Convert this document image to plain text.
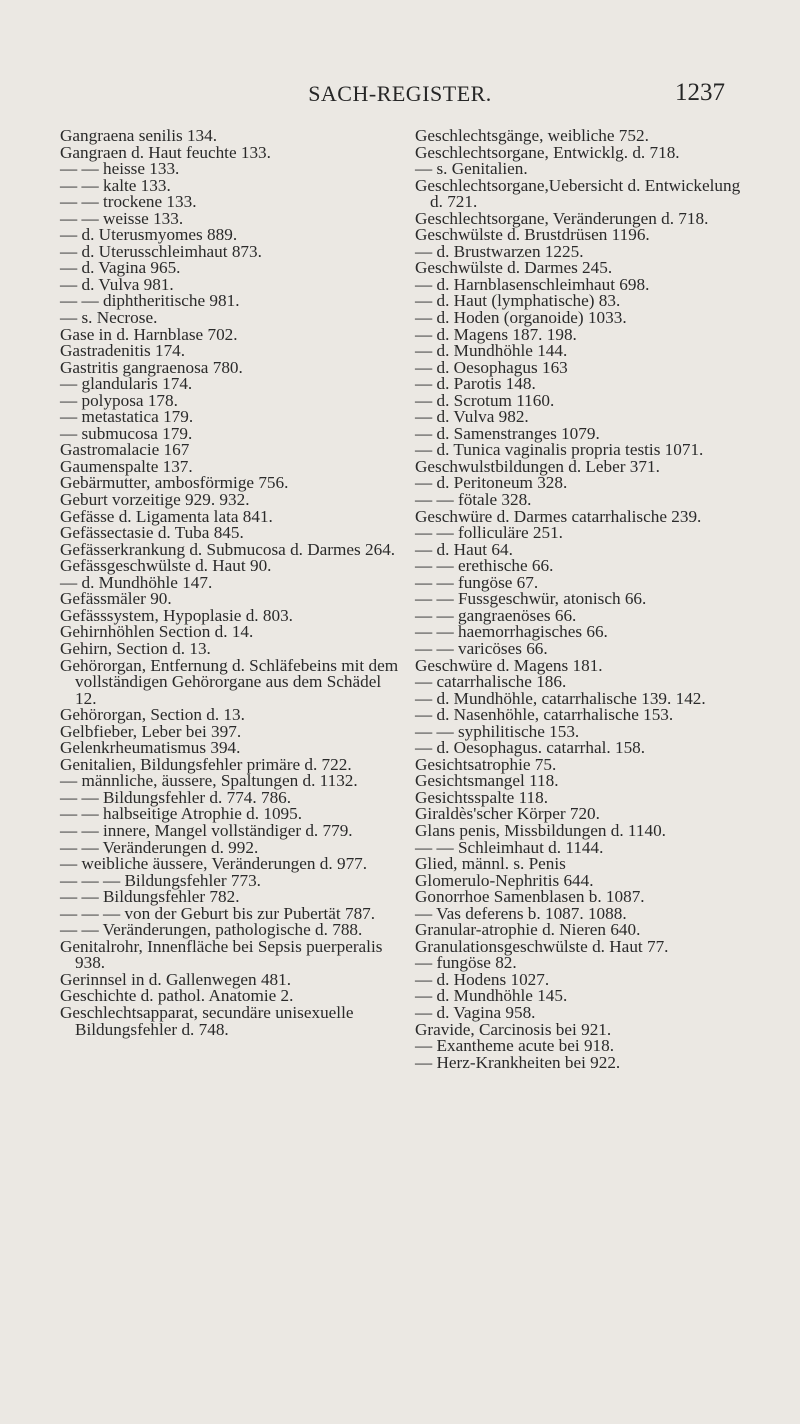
SACH-REGISTER.	1237
Gangraena senilis 134.
Gangraen d. Haut feuchte 133.
— — heisse 133.
— — kalte 133.
— — trockene 133.
— — weisse 133.
— d. Uterusmyomes 889.
— d. Uterusschleimhaut 873.
— d. Vagina 965.
— d. Vulva 981.
— — diphtheritische 981.
— s. Necrose.
Gase in d. Harnblase 702.
Gastradenitis 174.
Gastritis gangraenosa 780.
— glandularis 174.
— polyposa 178.
— metastatica 179.
— submucosa 179.
Gastromalacie 167
Gaumenspalte 137.
Gebärmutter, ambosförmige 756.
Geburt vorzeitige 929. 932.
Gefässe d. Ligamenta lata 841.
Gefässectasie d. Tuba 845.
Gefässerkrankung d. Submucosa d. Darmes 264.
Gefässgeschwülste d. Haut 90.
— d. Mundhöhle 147.
Gefässmäler 90.
Gefässsystem, Hypoplasie d. 803.
Gehirnhöhlen Section d. 14.
Gehirn, Section d. 13.
Gehörorgan, Entfernung d. Schläfebeins mit dem vollständigen Gehörorgane aus dem Schädel 12.
Gehörorgan, Section d. 13.
Gelbfieber, Leber bei 397.
Gelenkrheumatismus 394.
Genitalien, Bildungsfehler primäre d. 722.
— männliche, äussere, Spaltungen d. 1132.
— — Bildungsfehler d. 774. 786.
— — halbseitige Atrophie d. 1095.
— — innere, Mangel vollständiger d. 779.
— — Veränderungen d. 992.
— weibliche äussere, Veränderungen d. 977.
— — — Bildungsfehler 773.
— — Bildungsfehler 782.
— — — von der Geburt bis zur Pubertät 787.
— — Veränderungen, pathologische d. 788.
Genitalrohr, Innenfläche bei Sepsis puerperalis 938.
Gerinnsel in d. Gallenwegen 481.
Geschichte d. pathol. Anatomie 2.
Geschlechtsapparat, secundäre unisexuelle Bildungsfehler d. 748.
Geschlechtsgänge, weibliche 752.
Geschlechtsorgane, Entwicklg. d. 718.
— s. Genitalien.
Geschlechtsorgane,Uebersicht d. Entwickelung d. 721.
Geschlechtsorgane, Veränderungen d. 718.
Geschwülste d. Brustdrüsen 1196.
— d. Brustwarzen 1225.
Geschwülste d. Darmes 245.
— d. Harnblasenschleimhaut 698.
— d. Haut (lymphatische) 83.
— d. Hoden (organoide) 1033.
— d. Magens 187. 198.
— d. Mundhöhle 144.
— d. Oesophagus 163
— d. Parotis 148.
— d. Scrotum 1160.
— d. Vulva 982.
— d. Samenstranges 1079.
— d. Tunica vaginalis propria testis 1071.
Geschwulstbildungen d. Leber 371.
— d. Peritoneum 328.
— — fötale 328.
Geschwüre d. Darmes catarrhalische 239.
— — folliculäre 251.
— d. Haut 64.
— — erethische 66.
— — fungöse 67.
— — Fussgeschwür, atonisch 66.
— — gangraenöses 66.
— — haemorrhagisches 66.
— — varicöses 66.
Geschwüre d. Magens 181.
— catarrhalische 186.
— d. Mundhöhle, catarrhalische 139. 142.
— d. Nasenhöhle, catarrhalische 153.
— — syphilitische 153.
— d. Oesophagus. catarrhal. 158.
Gesichtsatrophie 75.
Gesichtsmangel 118.
Gesichtsspalte 118.
Giraldès'scher Körper 720.
Glans penis, Missbildungen d. 1140.
— — Schleimhaut d. 1144.
Glied, männl. s. Penis
Glomerulo-Nephritis 644.
Gonorrhoe Samenblasen b. 1087.
— Vas deferens b. 1087. 1088.
Granular-atrophie d. Nieren 640.
Granulationsgeschwülste d. Haut 77.
— fungöse 82.
— d. Hodens 1027.
— d. Mundhöhle 145.
— d. Vagina 958.
Gravide, Carcinosis bei 921.
— Exantheme acute bei 918.
— Herz-Krankheiten bei 922.
